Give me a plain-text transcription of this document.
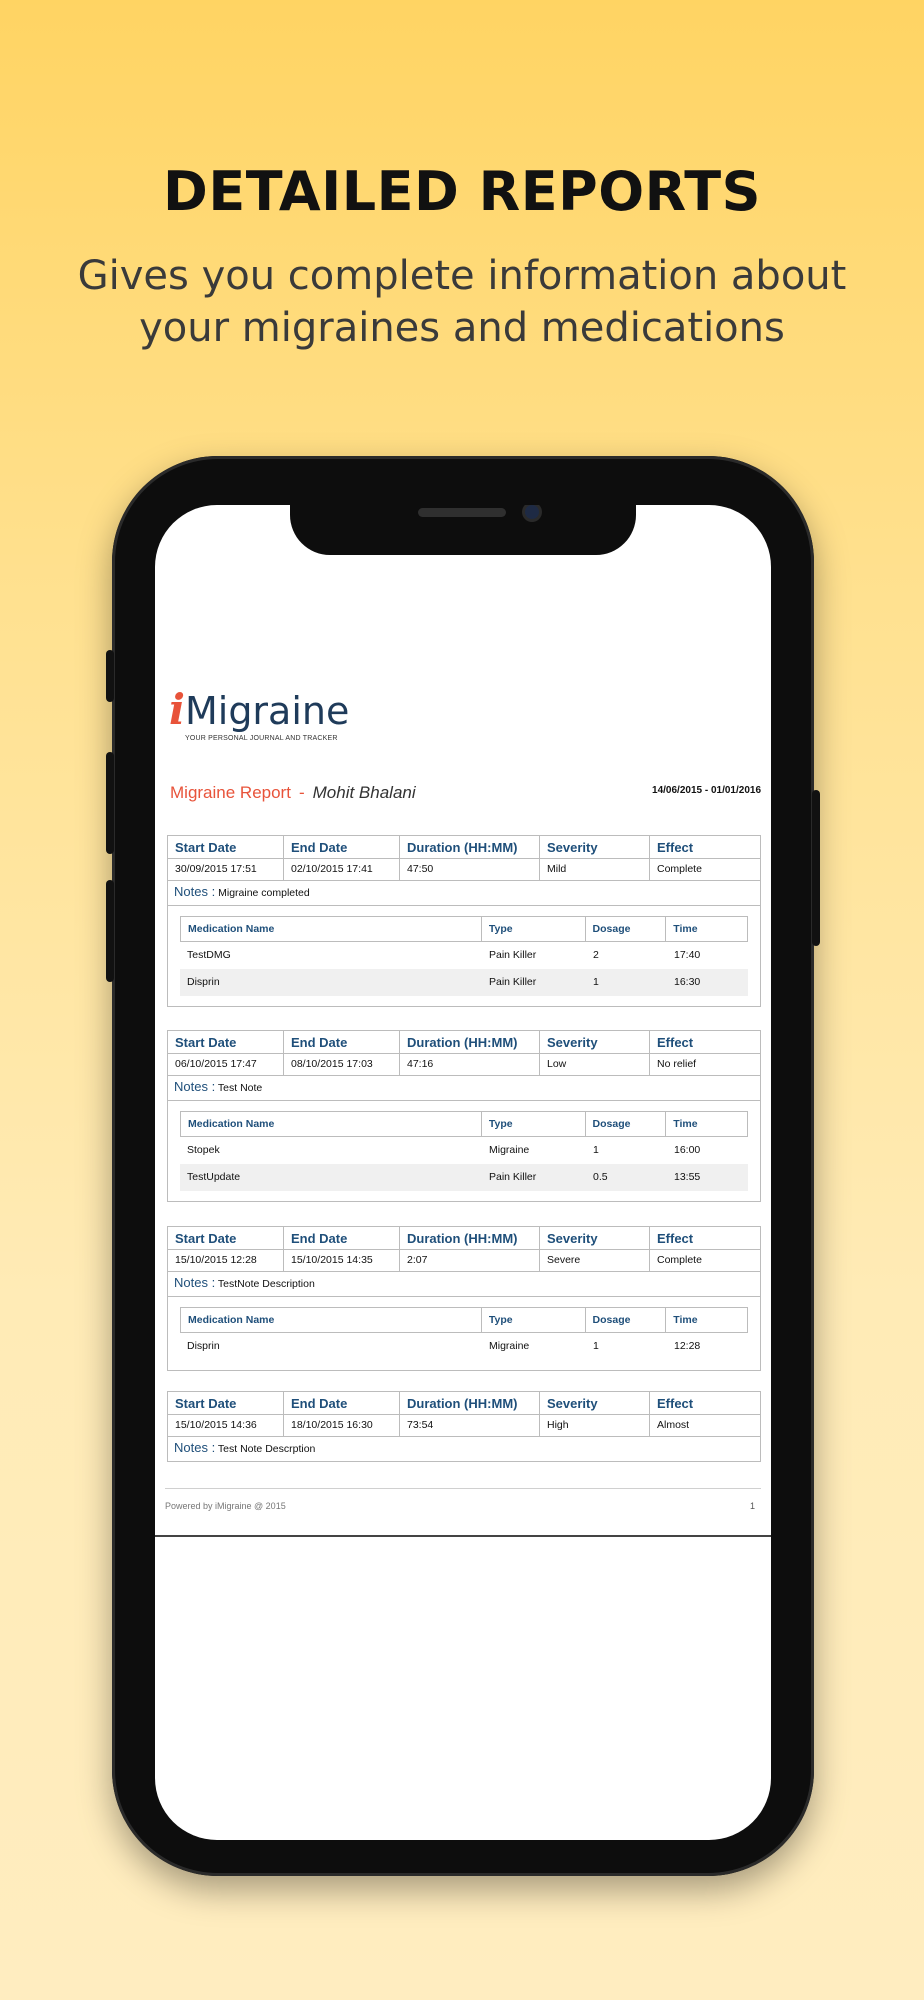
DETAILED REPORTS
Gives you complete information about your migraines and medications
iMigraine
YOUR PERSONAL JOURNAL AND TRACKER
Migraine Report - Mohit Bhalani	14/06/2015 - 01/01/2016
Start Date	End Date	Duration (HH:MM)	Severity	Effect
30/09/2015 17:51	02/10/2015 17:41	47:50	Mild	Complete
Notes : Migraine completed
Medication Name	Type	Dosage	Time
TestDMG	Pain Killer	2	17:40
Disprin	Pain Killer	1	16:30
Start Date	End Date	Duration (HH:MM)	Severity	Effect
06/10/2015 17:47	08/10/2015 17:03	47:16	Low	No relief
Notes : Test Note
Medication Name	Type	Dosage	Time
Stopek	Migraine	1	16:00
TestUpdate	Pain Killer	0.5	13:55
Start Date	End Date	Duration (HH:MM)	Severity	Effect
15/10/2015 12:28	15/10/2015 14:35	2:07	Severe	Complete
Notes : TestNote Description
Medication Name	Type	Dosage	Time
Disprin	Migraine	1	12:28
Start Date	End Date	Duration (HH:MM)	Severity	Effect
15/10/2015 14:36	18/10/2015 16:30	73:54	High	Almost
Notes : Test Note Descrption
Powered by iMigraine @ 2015	1
